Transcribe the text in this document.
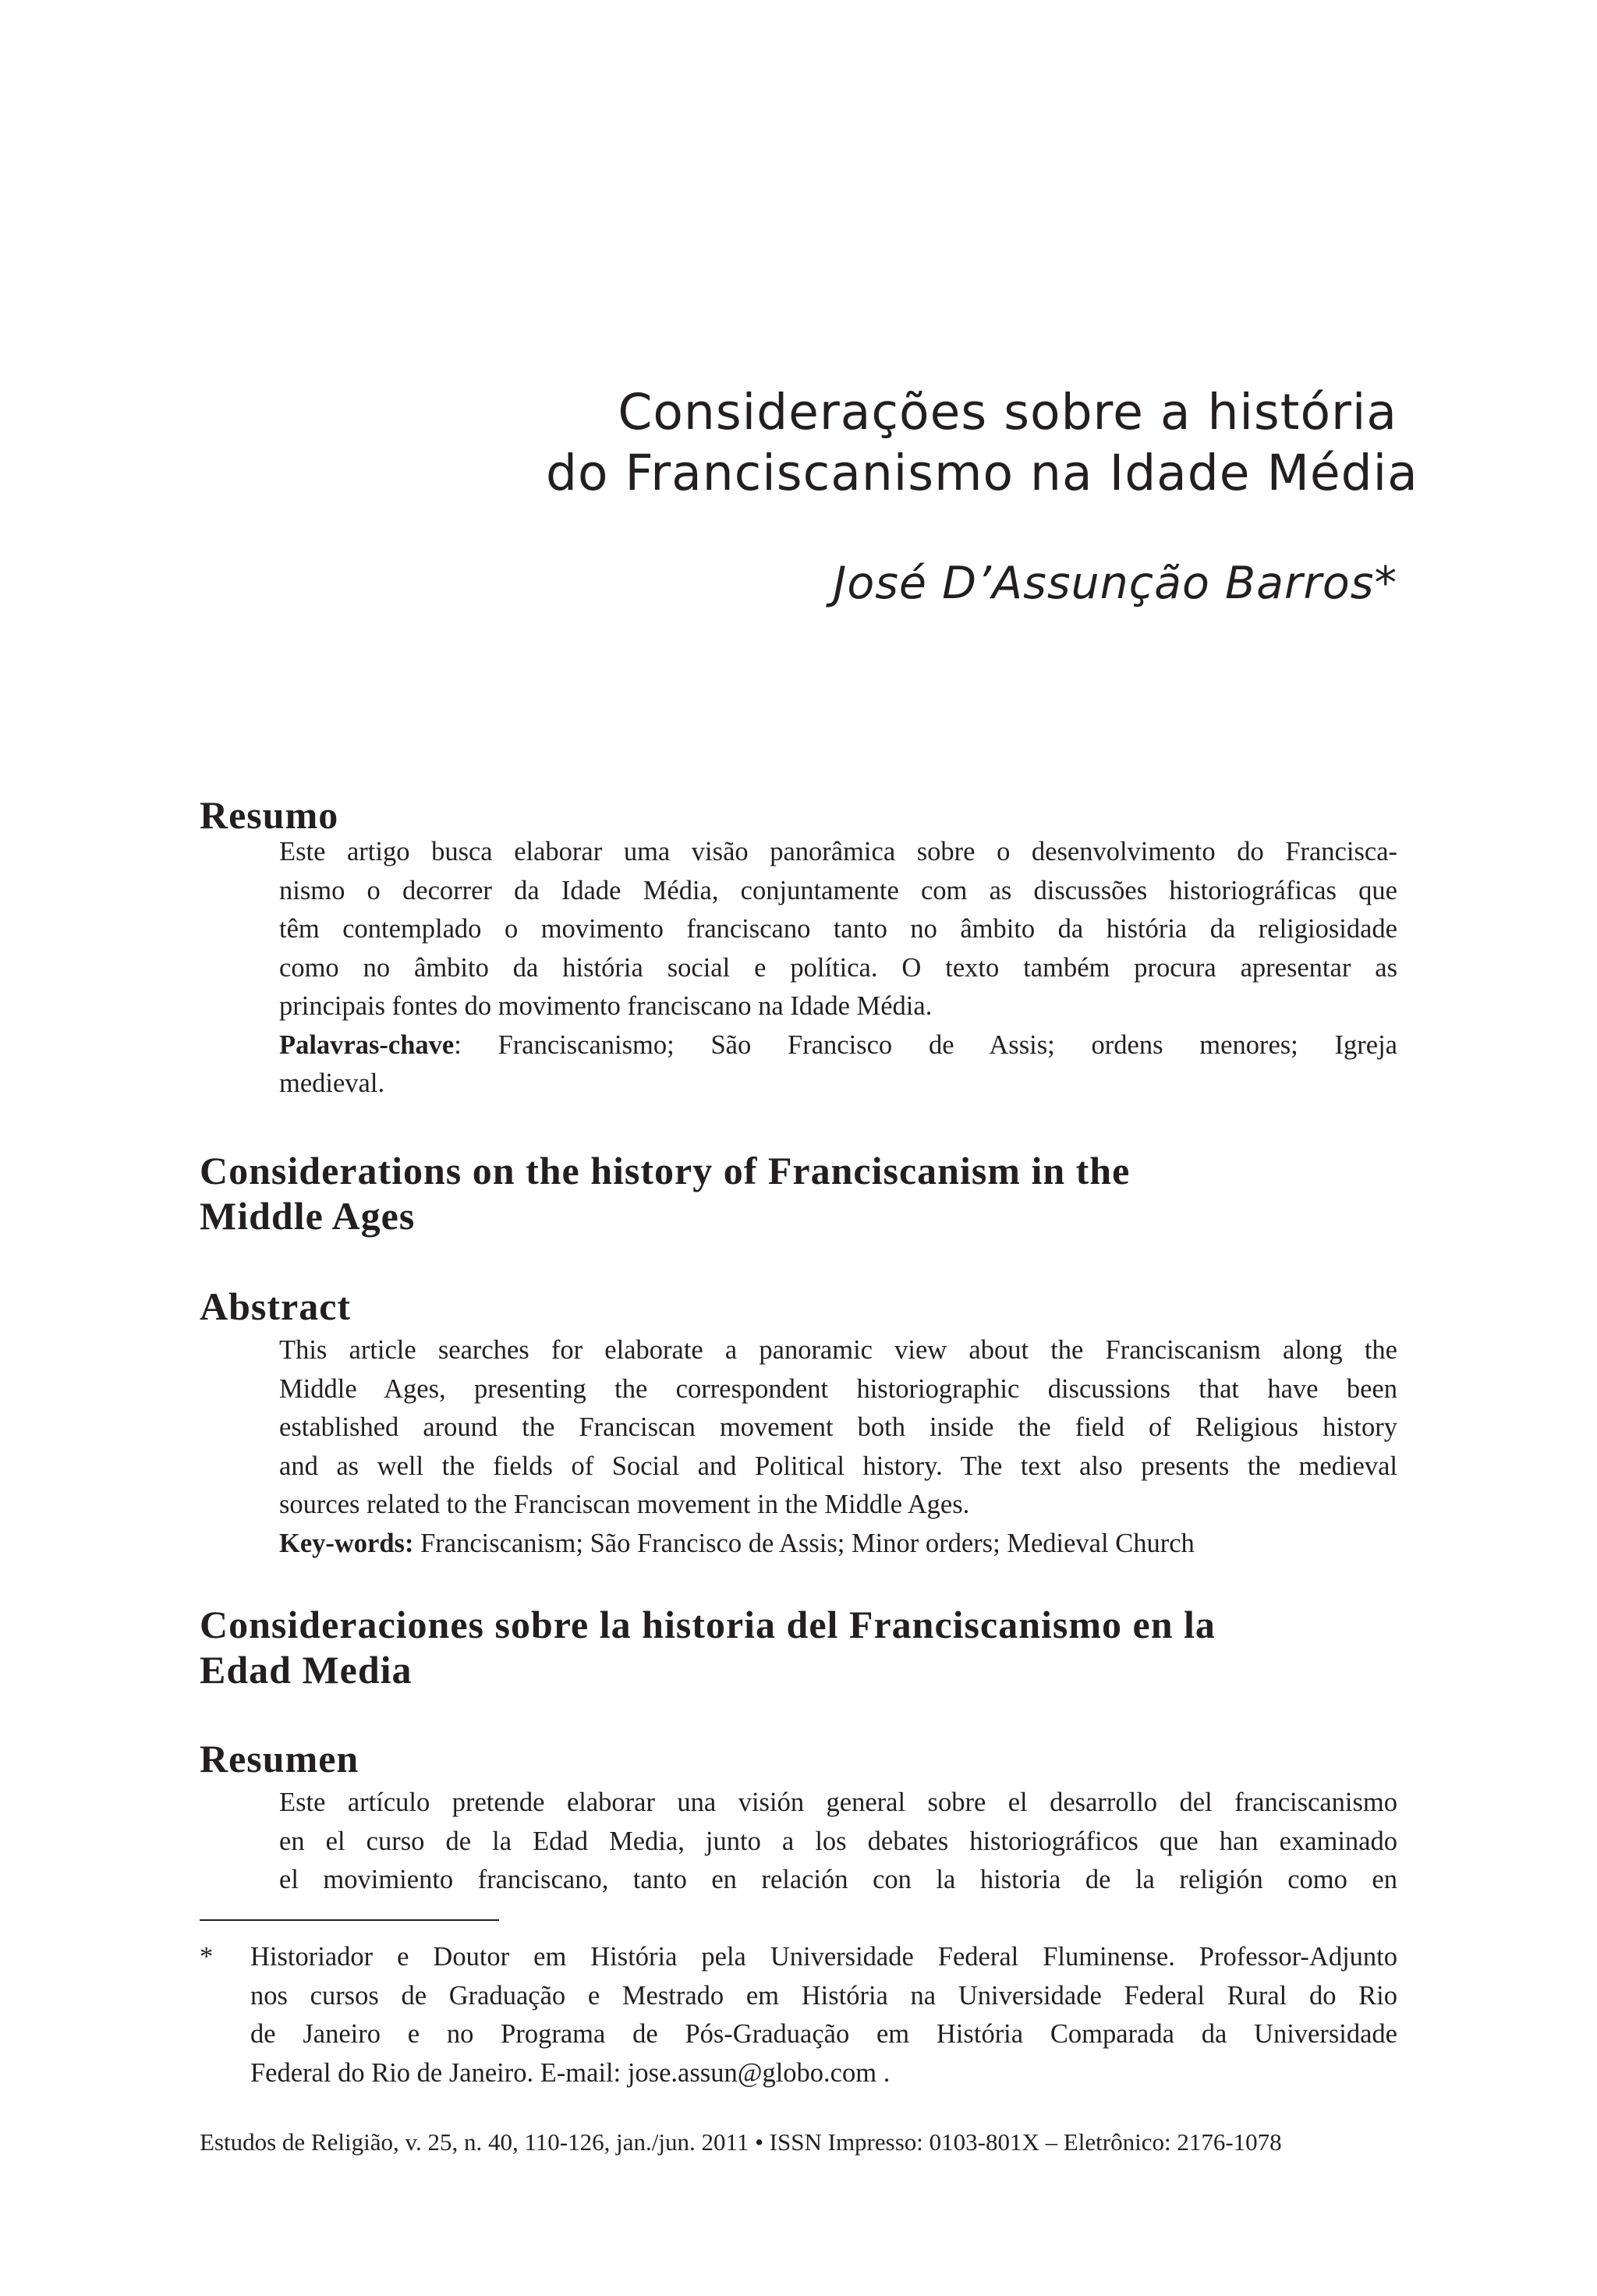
Considerações sobre a história
do Franciscanismo na Idade Média
José D’Assunção Barros*
Resumo
Este artigo busca elaborar uma visão panorâmica sobre o desenvolvimento do Francisca-
nismo o decorrer da Idade Média, conjuntamente com as discussões historiográficas que
têm contemplado o movimento franciscano tanto no âmbito da história da religiosidade
como no âmbito da história social e política. O texto também procura apresentar as
principais fontes do movimento franciscano na Idade Média.
Palavras-chave: Franciscanismo; São Francisco de Assis; ordens menores; Igreja
medieval.
Considerations on the history of Franciscanism in the
Middle Ages
Abstract
This article searches for elaborate a panoramic view about the Franciscanism along the
Middle Ages, presenting the correspondent historiographic discussions that have been
established around the Franciscan movement both inside the field of Religious history
and as well the fields of Social and Political history. The text also presents the medieval
sources related to the Franciscan movement in the Middle Ages.
Key-words: Franciscanism; São Francisco de Assis; Minor orders; Medieval Church
Consideraciones sobre la historia del Franciscanismo en la
Edad Media
Resumen
Este artículo pretende elaborar una visión general sobre el desarrollo del franciscanismo
en el curso de la Edad Media, junto a los debates historiográficos que han examinado
el movimiento franciscano, tanto en relación con la historia de la religión como en
* Historiador e Doutor em História pela Universidade Federal Fluminense. Professor-Adjunto
nos cursos de Graduação e Mestrado em História na Universidade Federal Rural do Rio
de Janeiro e no Programa de Pós-Graduação em História Comparada da Universidade
Federal do Rio de Janeiro. E-mail: jose.assun@globo.com .
Estudos de Religião, v. 25, n. 40, 110-126, jan./jun. 2011 • ISSN Impresso: 0103-801X – Eletrônico: 2176-1078
